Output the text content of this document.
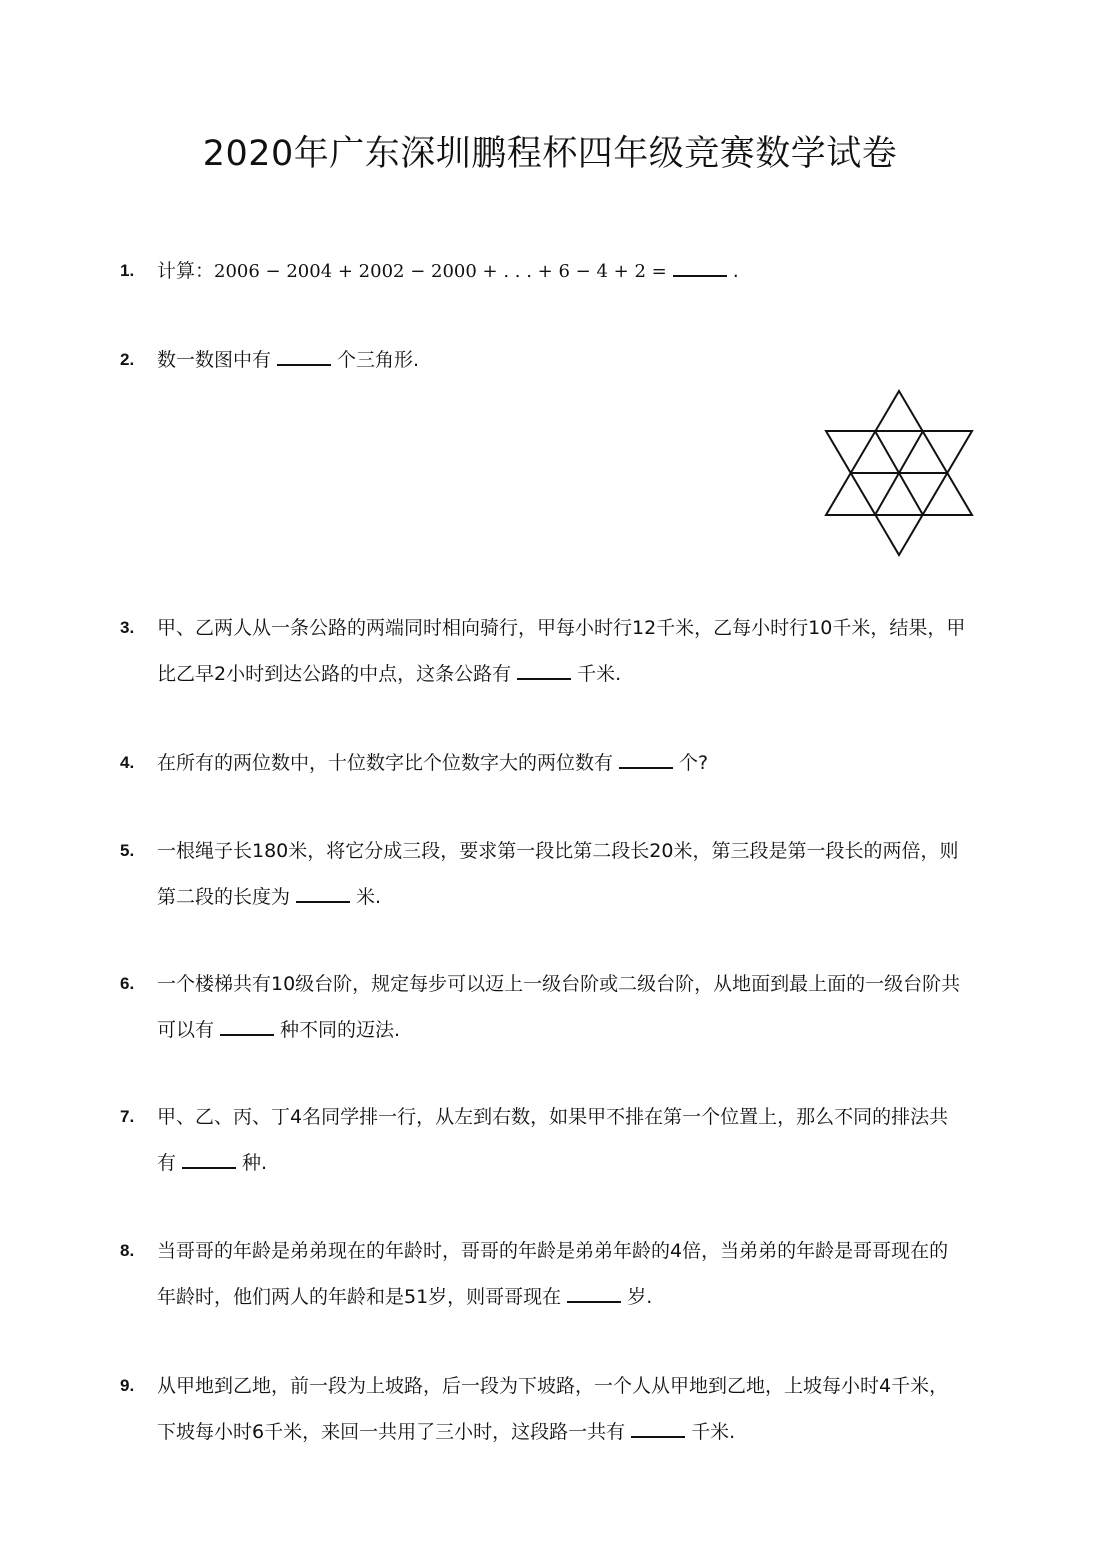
2020年广东深圳鹏程杯四年级竞赛数学试卷
1.	计算：2006 − 2004 + 2002 − 2000 + . . . + 6 − 4 + 2 =	.
2.	数一数图中有	个三角形.
3.	甲、乙两人从一条公路的两端同时相向骑行，甲每小时行12千米，乙每小时行10千米，结果，甲
比乙早2小时到达公路的中点，这条公路有	千米.
4.	在所有的两位数中，十位数字比个位数字大的两位数有	个?
5.	一根绳子长180米，将它分成三段，要求第一段比第二段长20米，第三段是第一段长的两倍，则
第二段的长度为	米.
6.	一个楼梯共有10级台阶，规定每步可以迈上一级台阶或二级台阶，从地面到最上面的一级台阶共
可以有	种不同的迈法.
7.	甲、乙、丙、丁4名同学排一行，从左到右数，如果甲不排在第一个位置上，那么不同的排法共
有	种.
8.	当哥哥的年龄是弟弟现在的年龄时，哥哥的年龄是弟弟年龄的4倍，当弟弟的年龄是哥哥现在的
年龄时，他们两人的年龄和是51岁，则哥哥现在	岁.
9.	从甲地到乙地，前一段为上坡路，后一段为下坡路，一个人从甲地到乙地，上坡每小时4千米，
下坡每小时6千米，来回一共用了三小时，这段路一共有	千米.
